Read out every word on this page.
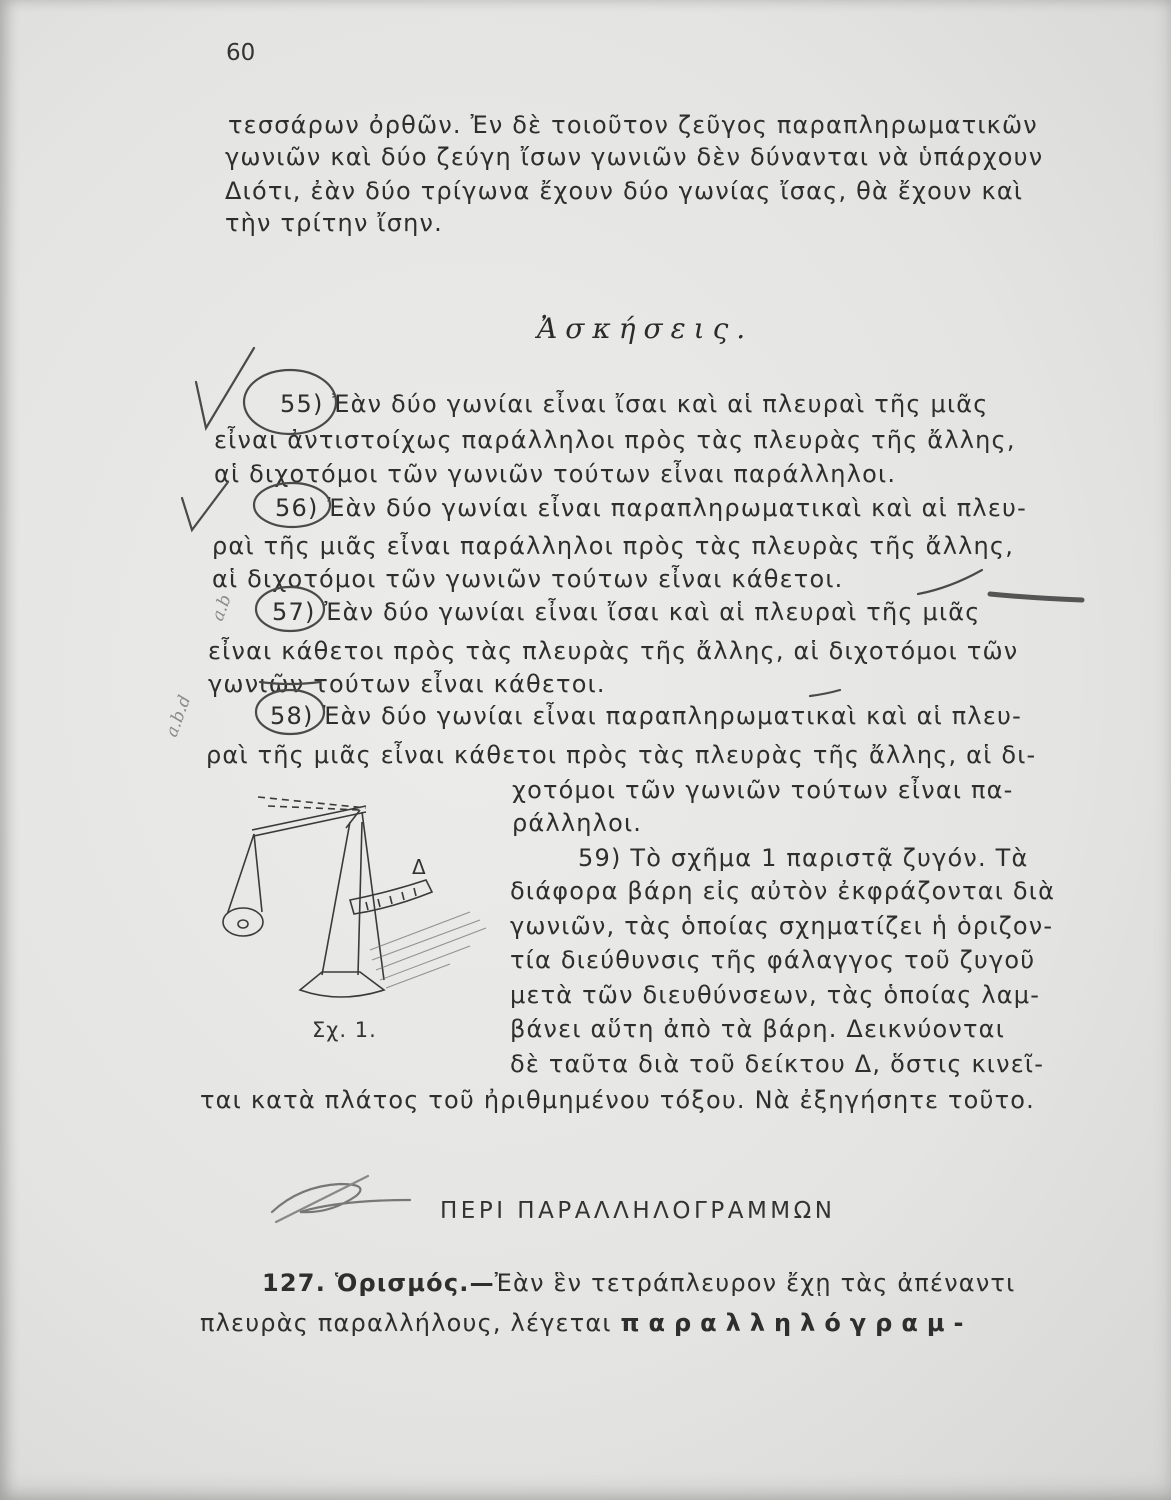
60
τεσσάρων ὀρθῶν. Ἐν δὲ τοιοῦτον ζεῦγος παραπληρωματικῶν
γωνιῶν καὶ δύο ζεύγη ἴσων γωνιῶν δὲν δύνανται νὰ ὑπάρχουν
Διότι, ἐὰν δύο τρίγωνα ἔχουν δύο γωνίας ἴσας, θὰ ἔχουν καὶ
τὴν τρίτην ἴσην.
Ἀσκήσεις.
55) Ἐὰν δύο γωνίαι εἶναι ἴσαι καὶ αἱ πλευραὶ τῆς μιᾶς
εἶναι ἀντιστοίχως παράλληλοι πρὸς τὰς πλευρὰς τῆς ἄλλης,
αἱ διχοτόμοι τῶν γωνιῶν τούτων εἶναι παράλληλοι.
56) Ἐὰν δύο γωνίαι εἶναι παραπληρωματικαὶ καὶ αἱ πλευ-
ραὶ τῆς μιᾶς εἶναι παράλληλοι πρὸς τὰς πλευρὰς τῆς ἄλλης,
αἱ διχοτόμοι τῶν γωνιῶν τούτων εἶναι κάθετοι.
57) Ἐὰν δύο γωνίαι εἶναι ἴσαι καὶ αἱ πλευραὶ τῆς μιᾶς
εἶναι κάθετοι πρὸς τὰς πλευρὰς τῆς ἄλλης, αἱ διχοτόμοι τῶν
γωνιῶν τούτων εἶναι κάθετοι.
58) Ἐὰν δύο γωνίαι εἶναι παραπληρωματικαὶ καὶ αἱ πλευ-
ραὶ τῆς μιᾶς εἶναι κάθετοι πρὸς τὰς πλευρὰς τῆς ἄλλης, αἱ δι-
χοτόμοι τῶν γωνιῶν τούτων εἶναι πα-
ράλληλοι.
59) Τὸ σχῆμα 1 παριστᾷ ζυγόν. Τὰ
διάφορα βάρη εἰς αὐτὸν ἐκφράζονται διὰ
γωνιῶν, τὰς ὁποίας σχηματίζει ἡ ὁριζον-
τία διεύθυνσις τῆς φάλαγγος τοῦ ζυγοῦ
μετὰ τῶν διευθύνσεων, τὰς ὁποίας λαμ-
βάνει αὕτη ἀπὸ τὰ βάρη. Δεικνύονται
δὲ ταῦτα διὰ τοῦ δείκτου Δ, ὅστις κινεῖ-
ται κατὰ πλάτος τοῦ ἠριθμημένου τόξου. Νὰ ἐξηγήσητε τοῦτο.
Δ
Σχ. 1.
ΠΕΡΙ ΠΑΡΑΛΛΗΛΟΓΡΑΜΜΩΝ
127. Ὁρισμός.—Ἐὰν ἓν τετράπλευρον ἔχῃ τὰς ἀπέναντι
πλευρὰς παραλλήλους, λέγεται παραλληλόγραμ-
a.b
a.b.d
